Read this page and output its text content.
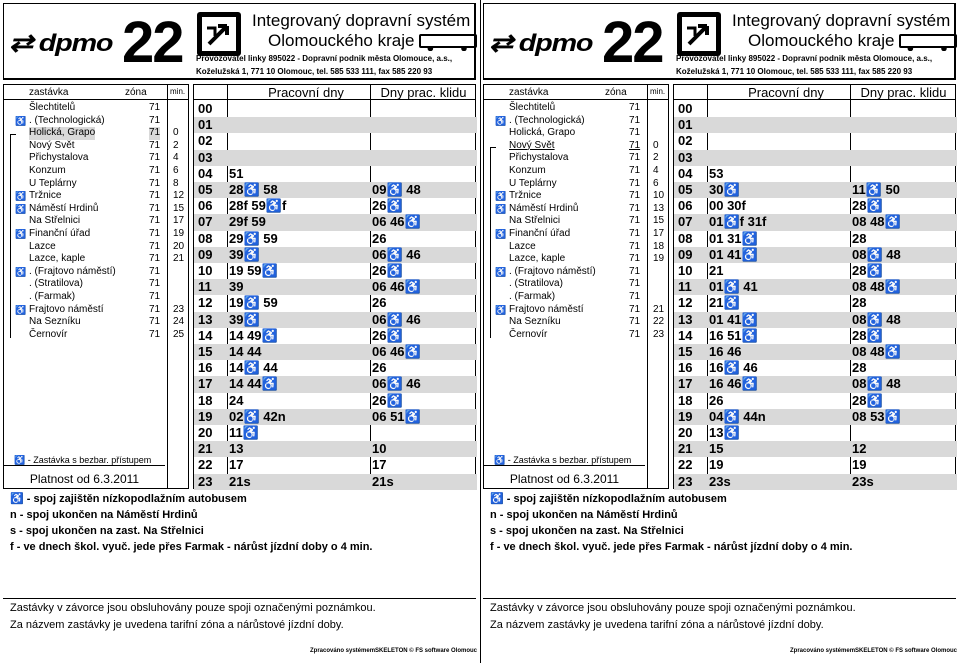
⇄ dpmo 22	Integrovaný dopravní systém
Olomouckého kraje
Provozovatel linky 895022 - Dopravní podnik města Olomouce, a.s.,
Koželužská 1, 771 10 Olomouc, tel. 585 533 111, fax 585 220 93
zastávka	zóna	min.
Šlechtitelů	71
♿ . (Technologická)	71
Holická, Grapo	71 0
Nový Svět	71 2
Přichystalova	71 4
Konzum	71 6
U Teplárny	71 8
♿ Tržnice	71 12
♿ Náměstí Hrdinů	71 15
Na Střelnici	71 17
♿ Finanční úřad	71 19
Lazce	71 20
Lazce, kaple	71 21
♿ . (Frajtovo náměstí)	71
. (Stratilova)	71
. (Farmak)	71
♿ Frajtovo náměstí	71 23
Na Sezníku	71 24
Černovír	71 25
♿ - Zastávka s bezbar. přístupem
Platnost od 6.3.2011
Pracovní dny	Dny prac. klidu
00
01
02
03
04	51
05	28♿ 58	09♿ 48
06	28f 59♿f	26♿
07	29f 59	06 46♿
08	29♿ 59	26
09	39♿	06♿ 46
10	19 59♿	26♿
11	39	06 46♿
12	19♿ 59	26
13	39♿	06♿ 46
14	14 49♿	26♿
15	14 44	06 46♿
16	14♿ 44	26
17	14 44♿	06♿ 46
18	24	26♿
19	02♿ 42n	06 51♿
20	11♿
21	13	10
22	17	17
23	21s	21s
♿ - spoj zajištěn nízkopodlažním autobusem
n - spoj ukončen na Náměstí Hrdinů
s - spoj ukončen na zast. Na Střelnici
f - ve dnech škol. vyuč. jede přes Farmak - nárůst jízdní doby o 4 min.
Zastávky v závorce jsou obsluhovány pouze spoji označenými poznámkou.
Za názvem zastávky je uvedena tarifní zóna a nárůstové jízdní doby.
Zpracováno systémemSKELETON © FS software Olomouc
⇄ dpmo 22	Integrovaný dopravní systém
Olomouckého kraje
Provozovatel linky 895022 - Dopravní podnik města Olomouce, a.s.,
Koželužská 1, 771 10 Olomouc, tel. 585 533 111, fax 585 220 93
zastávka	zóna	min.
Šlechtitelů	71
♿ . (Technologická)	71
Holická, Grapo	71
Nový Svět	71 0
Přichystalova	71 2
Konzum	71 4
U Teplárny	71 6
♿ Tržnice	71 10
♿ Náměstí Hrdinů	71 13
Na Střelnici	71 15
♿ Finanční úřad	71 17
Lazce	71 18
Lazce, kaple	71 19
♿ . (Frajtovo náměstí)	71
. (Stratilova)	71
. (Farmak)	71
♿ Frajtovo náměstí	71 21
Na Sezníku	71 22
Černovír	71 23
♿ - Zastávka s bezbar. přístupem
Platnost od 6.3.2011
Pracovní dny	Dny prac. klidu
00
01
02
03
04	53
05	30♿	11♿ 50
06	00 30f	28♿
07	01♿f 31f	08 48♿
08	01 31♿	28
09	01 41♿	08♿ 48
10	21	28♿
11	01♿ 41	08 48♿
12	21♿	28
13	01 41♿	08♿ 48
14	16 51♿	28♿
15	16 46	08 48♿
16	16♿ 46	28
17	16 46♿	08♿ 48
18	26	28♿
19	04♿ 44n	08 53♿
20	13♿
21	15	12
22	19	19
23	23s	23s
♿ - spoj zajištěn nízkopodlažním autobusem
n - spoj ukončen na Náměstí Hrdinů
s - spoj ukončen na zast. Na Střelnici
f - ve dnech škol. vyuč. jede přes Farmak - nárůst jízdní doby o 4 min.
Zastávky v závorce jsou obsluhovány pouze spoji označenými poznámkou.
Za názvem zastávky je uvedena tarifní zóna a nárůstové jízdní doby.
Zpracováno systémemSKELETON © FS software Olomouc
